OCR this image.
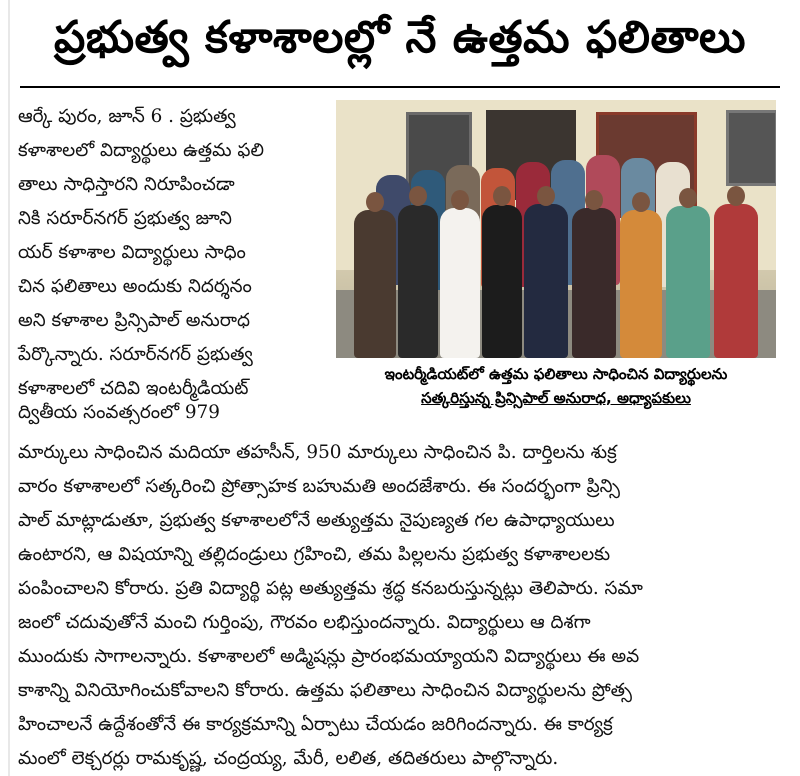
ప్రభుత్వ కళాశాలల్లో నే ఉత్తమ ఫలితాలు

ఆర్కే పురం, జూన్ 6 . ప్రభుత్వ

కళాశాలలో విద్యార్థులు ఉత్తమ ఫలి

తాలు సాధిస్తారని నిరూపించడా

నికి సరూర్‌నగర్ ప్రభుత్వ జూని

యర్ కళాశాల విద్యార్థులు సాధిం

చిన ఫలితాలు అందుకు నిదర్శనం

అని కళాశాల ప్రిన్సిపాల్ అనురాధ

పేర్కొన్నారు. సరూర్‌నగర్ ప్రభుత్వ

కళాశాలలో చదివి ఇంటర్మీడియట్

ద్వితీయ సంవత్సరంలో 979

ఇంటర్మీడియట్‌లో ఉత్తమ ఫలితాలు సాధించిన విద్యార్థులను
సత్కరిస్తున్న ప్రిన్సిపాల్ అనురాధ, అధ్యాపకులు

మార్కులు సాధించిన మదియా తహసీన్, 950 మార్కులు సాధించిన పి. దార్తిలను శుక్ర

వారం కళాశాలలో సత్కరించి ప్రోత్సాహక బహుమతి అందజేశారు. ఈ సందర్భంగా ప్రిన్సి

పాల్ మాట్లాడుతూ, ప్రభుత్వ కళాశాలలోనే అత్యుత్తమ నైపుణ్యత గల ఉపాధ్యాయులు

ఉంటారని, ఆ విషయాన్ని తల్లిదండ్రులు గ్రహించి, తమ పిల్లలను ప్రభుత్వ కళాశాలలకు

పంపించాలని కోరారు. ప్రతి విద్యార్థి పట్ల అత్యుత్తమ శ్రద్ధ కనబరుస్తున్నట్లు తెలిపారు. సమా

జంలో చదువుతోనే మంచి గుర్తింపు, గౌరవం లభిస్తుందన్నారు. విద్యార్థులు ఆ దిశగా

ముందుకు సాగాలన్నారు. కళాశాలలో అడ్మిషన్లు ప్రారంభమయ్యాయని విద్యార్థులు ఈ అవ

కాశాన్ని వినియోగించుకోవాలని కోరారు. ఉత్తమ ఫలితాలు సాధించిన విద్యార్థులను ప్రోత్స

హించాలనే ఉద్దేశంతోనే ఈ కార్యక్రమాన్ని ఏర్పాటు చేయడం జరిగిందన్నారు. ఈ కార్యక్ర

మంలో లెక్చరర్లు రామకృష్ణ, చంద్రయ్య, మేరీ, లలిత, తదితరులు పాల్గొన్నారు.
